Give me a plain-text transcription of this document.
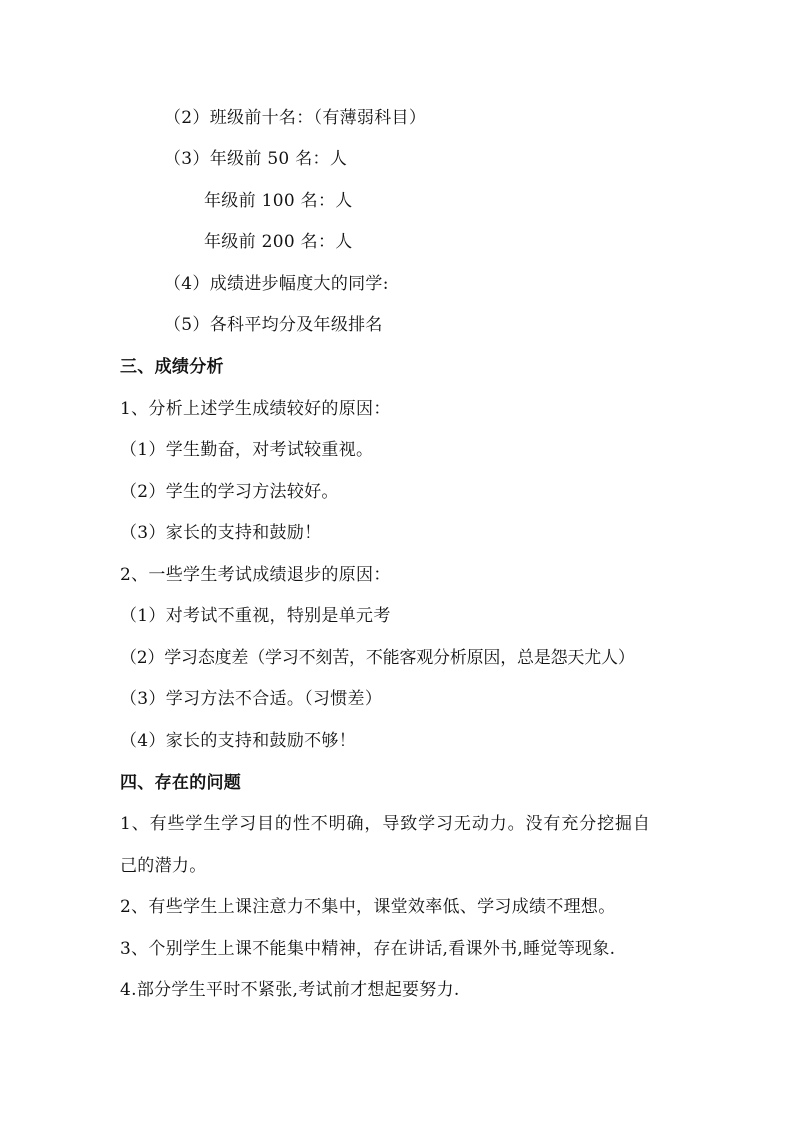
（2）班级前十名：（有薄弱科目）
（3）年级前 50 名：人
年级前 100 名：人
年级前 200 名：人
（4）成绩进步幅度大的同学:
（5）各科平均分及年级排名
三、成绩分析
1、分析上述学生成绩较好的原因：
（1）学生勤奋，对考试较重视。
（2）学生的学习方法较好。
（3）家长的支持和鼓励！
2、一些学生考试成绩退步的原因：
（1）对考试不重视，特别是单元考
（2）学习态度差（学习不刻苦，不能客观分析原因，总是怨天尤人）
（3）学习方法不合适。（习惯差）
（4）家长的支持和鼓励不够！
四、存在的问题
1、有些学生学习目的性不明确，导致学习无动力。没有充分挖掘自
己的潜力。
2、有些学生上课注意力不集中，课堂效率低、学习成绩不理想。
3、个别学生上课不能集中精神，存在讲话,看课外书,睡觉等现象.
4.部分学生平时不紧张,考试前才想起要努力.
